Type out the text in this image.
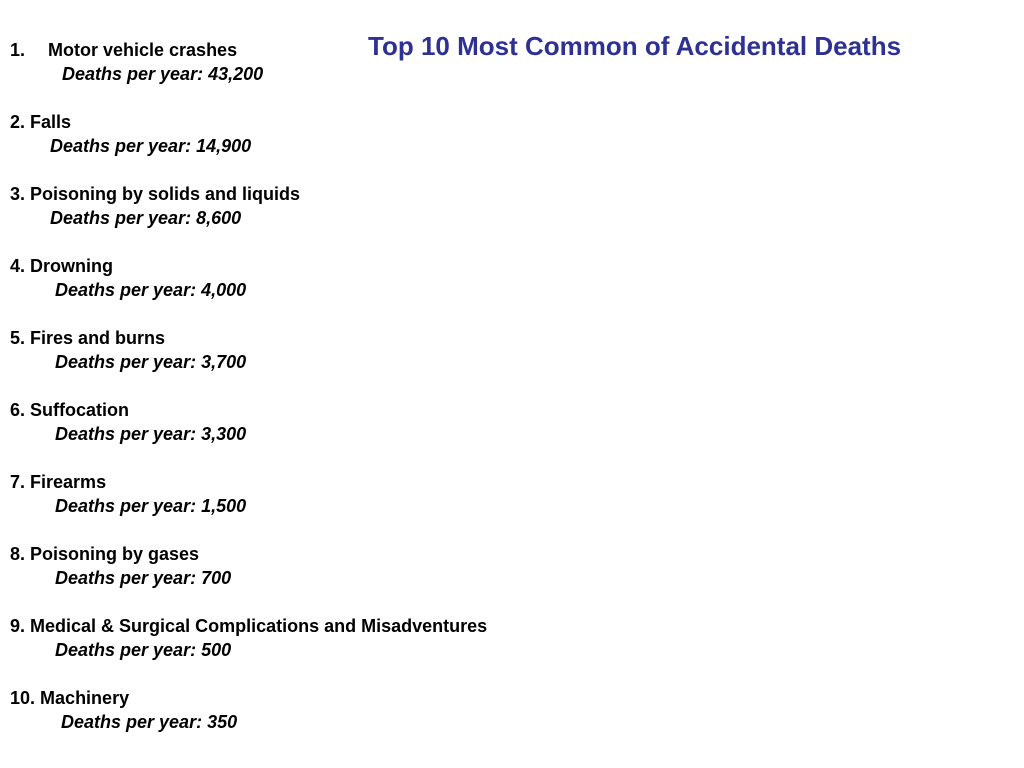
Top 10 Most Common of Accidental Deaths
1. Motor vehicle crashes
Deaths per year: 43,200
2. Falls
Deaths per year: 14,900
3. Poisoning by solids and liquids
Deaths per year: 8,600
4. Drowning
Deaths per year: 4,000
5. Fires and burns
Deaths per year: 3,700
6. Suffocation
Deaths per year: 3,300
7. Firearms
Deaths per year: 1,500
8. Poisoning by gases
Deaths per year: 700
9. Medical & Surgical Complications and Misadventures
Deaths per year: 500
10. Machinery
Deaths per year: 350
